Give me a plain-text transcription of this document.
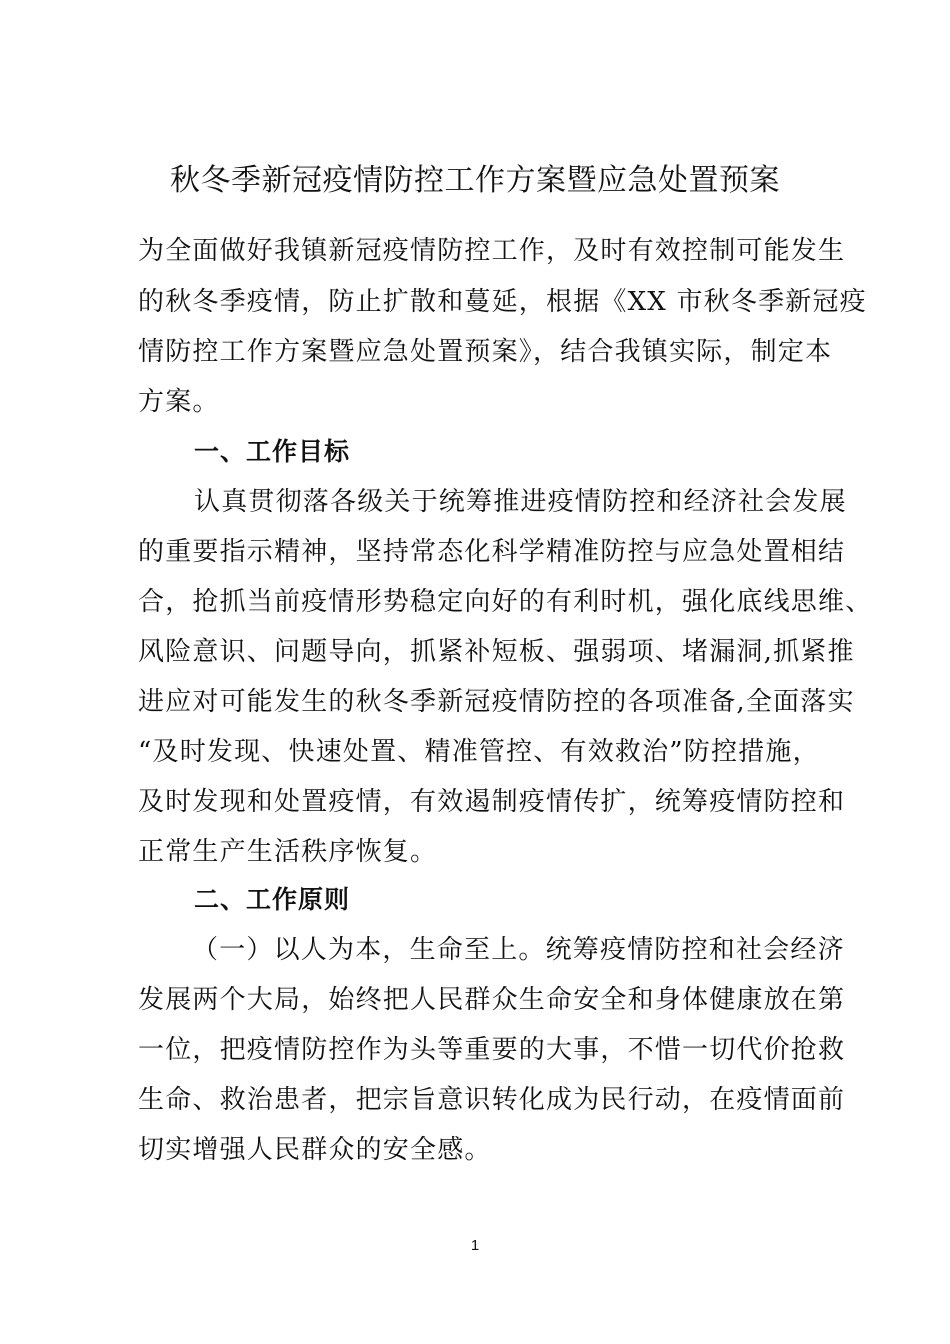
秋冬季新冠疫情防控工作方案暨应急处置预案
为全面做好我镇新冠疫情防控工作，及时有效控制可能发生
的秋冬季疫情，防止扩散和蔓延，根据《XX 市秋冬季新冠疫
情防控工作方案暨应急处置预案》，结合我镇实际，制定本
方案。
一、工作目标
认真贯彻落各级关于统筹推进疫情防控和经济社会发展
的重要指示精神，坚持常态化科学精准防控与应急处置相结
合，抢抓当前疫情形势稳定向好的有利时机，强化底线思维、
风险意识、问题导向，抓紧补短板、强弱项、堵漏洞,抓紧推
进应对可能发生的秋冬季新冠疫情防控的各项准备,全面落实
“及时发现、快速处置、精准管控、有效救治”防控措施，
及时发现和处置疫情，有效遏制疫情传扩，统筹疫情防控和
正常生产生活秩序恢复。
二、工作原则
（一）以人为本，生命至上。统筹疫情防控和社会经济
发展两个大局，始终把人民群众生命安全和身体健康放在第
一位，把疫情防控作为头等重要的大事，不惜一切代价抢救
生命、救治患者，把宗旨意识转化成为民行动，在疫情面前
切实增强人民群众的安全感。
1
